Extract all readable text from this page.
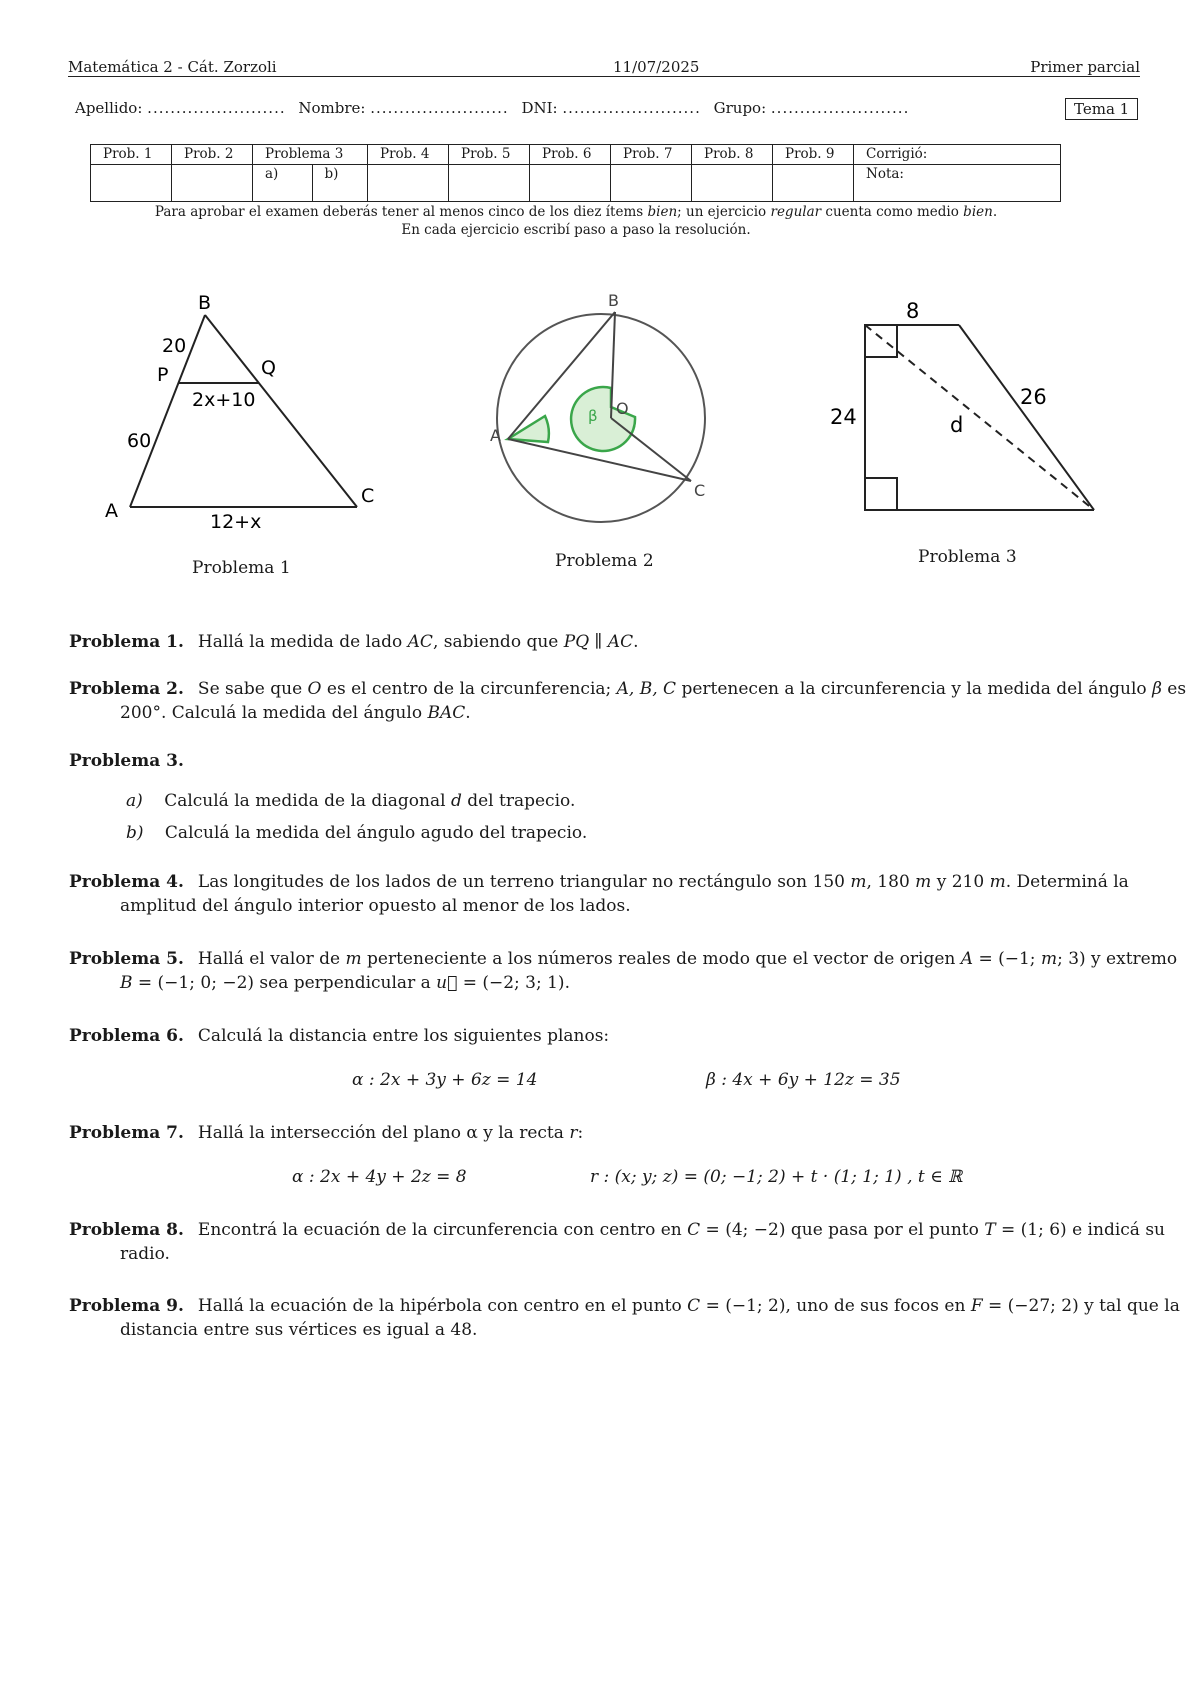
Matemática 2 - Cát. Zorzoli	11/07/2025	Primer parcial
Apellido: ........................ Nombre: ........................ DNI: ........................ Grupo: ........................	Tema 1
Prob. 1	Prob. 2	Problema 3		Prob. 4	Prob. 5	Prob. 6	Prob. 7	Prob. 8	Prob. 9	Corrigió:
		a)	b)							Nota:
Para aprobar el examen deberás tener al menos cinco de los diez ítems bien; un ejercicio regular cuenta como medio bien.
En cada ejercicio escribí paso a paso la resolución.
B
P	Q
A
C
20
60
2x+10
12+x
Problema 1
B
O
A
C
β
Problema 2
8
24
26
d
Problema 3
Problema 1. Hallá la medida de lado AC, sabiendo que PQ ∥ AC.
Problema 2. Se sabe que O es el centro de la circunferencia; A, B, C pertenecen a la circunferencia y la medida del ángulo β es 200°. Calculá la medida del ángulo BAC.
Problema 3.
a) Calculá la medida de la diagonal d del trapecio.
b) Calculá la medida del ángulo agudo del trapecio.
Problema 4. Las longitudes de los lados de un terreno triangular no rectángulo son 150 m, 180 m y 210 m. Determiná la amplitud del ángulo interior opuesto al menor de los lados.
Problema 5. Hallá el valor de m perteneciente a los números reales de modo que el vector de origen A = (−1; m; 3) y extremo B = (−1; 0; −2) sea perpendicular a u⃗ = (−2; 3; 1).
Problema 6. Calculá la distancia entre los siguientes planos:
α : 2x + 3y + 6z = 14	β : 4x + 6y + 12z = 35
Problema 7. Hallá la intersección del plano α y la recta r:
α : 2x + 4y + 2z = 8	r : (x; y; z) = (0; −1; 2) + t · (1; 1; 1) , t ∈ ℝ
Problema 8. Encontrá la ecuación de la circunferencia con centro en C = (4; −2) que pasa por el punto T = (1; 6) e indicá su radio.
Problema 9. Hallá la ecuación de la hipérbola con centro en el punto C = (−1; 2), uno de sus focos en F = (−27; 2) y tal que la distancia entre sus vértices es igual a 48.
